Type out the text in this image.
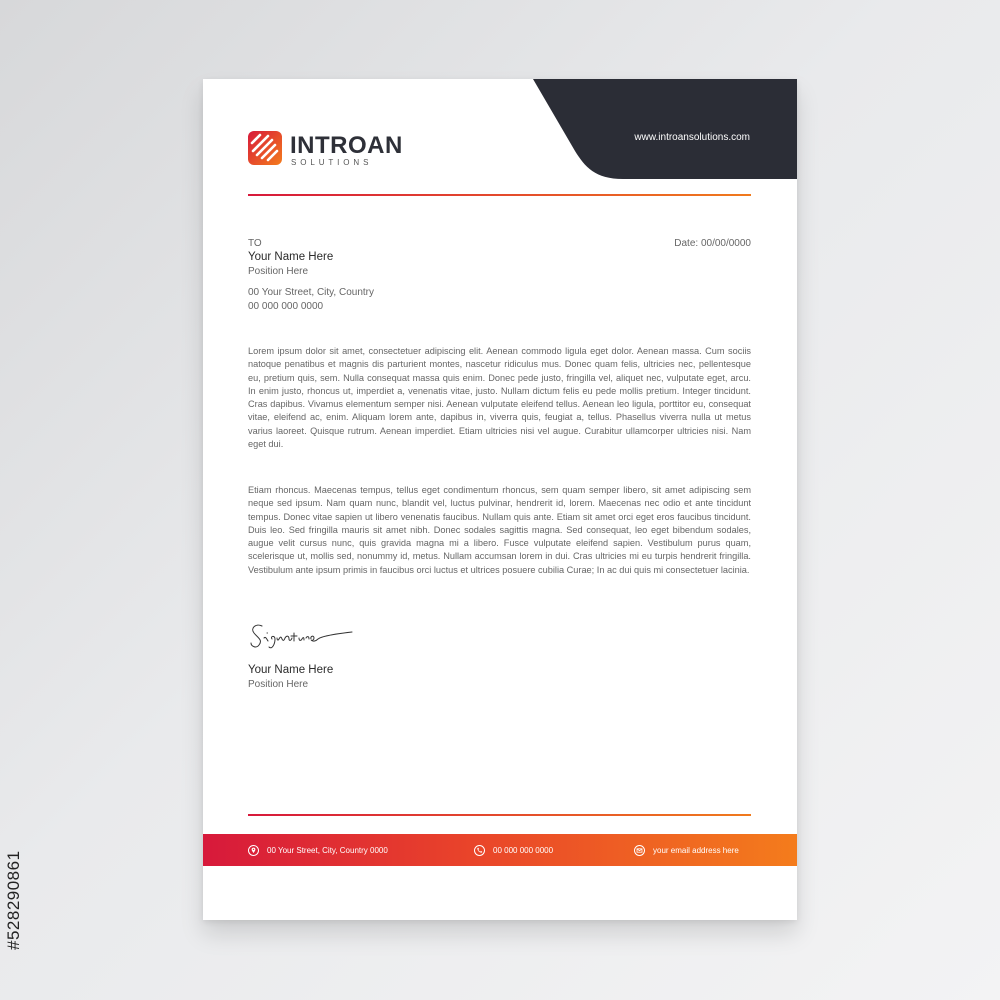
#528290861
www.introansolutions.com
INTROAN
SOLUTIONS
TO
Your Name Here
Position Here
00 Your Street, City, Country
00 000 000 0000
Date: 00/00/0000

Lorem ipsum dolor sit amet, consectetuer adipiscing elit. Aenean commodo ligula eget dolor. Aenean massa. Cum sociis natoque penatibus et magnis dis parturient montes, nascetur ridiculus mus. Donec quam felis, ultricies nec, pellentesque eu, pretium quis, sem. Nulla consequat massa quis enim. Donec pede justo, fringilla vel, aliquet nec, vulputate eget, arcu. In enim justo, rhoncus ut, imperdiet a, venenatis vitae, justo. Nullam dictum felis eu pede mollis pretium. Integer tincidunt. Cras dapibus. Vivamus elementum semper nisi. Aenean vulputate eleifend tellus. Aenean leo ligula, porttitor eu, consequat vitae, eleifend ac, enim. Aliquam lorem ante, dapibus in, viverra quis, feugiat a, tellus. Phasellus viverra nulla ut metus varius laoreet. Quisque rutrum. Aenean imperdiet. Etiam ultricies nisi vel augue. Curabitur ullamcorper ultricies nisi. Nam eget dui.

Etiam rhoncus. Maecenas tempus, tellus eget condimentum rhoncus, sem quam semper libero, sit amet adipiscing sem neque sed ipsum. Nam quam nunc, blandit vel, luctus pulvinar, hendrerit id, lorem. Maecenas nec odio et ante tincidunt tempus. Donec vitae sapien ut libero venenatis faucibus. Nullam quis ante. Etiam sit amet orci eget eros faucibus tincidunt. Duis leo. Sed fringilla mauris sit amet nibh. Donec sodales sagittis magna. Sed consequat, leo eget bibendum sodales, augue velit cursus nunc, quis gravida magna mi a libero. Fusce vulputate eleifend sapien. Vestibulum purus quam, scelerisque ut, mollis sed, nonummy id, metus. Nullam accumsan lorem in dui. Cras ultricies mi eu turpis hendrerit fringilla. Vestibulum ante ipsum primis in faucibus orci luctus et ultrices posuere cubilia Curae; In ac dui quis mi consectetuer lacinia.

Your Name Here
Position Here
00 Your Street, City, Country 0000	00 000 000 0000	your email address here
